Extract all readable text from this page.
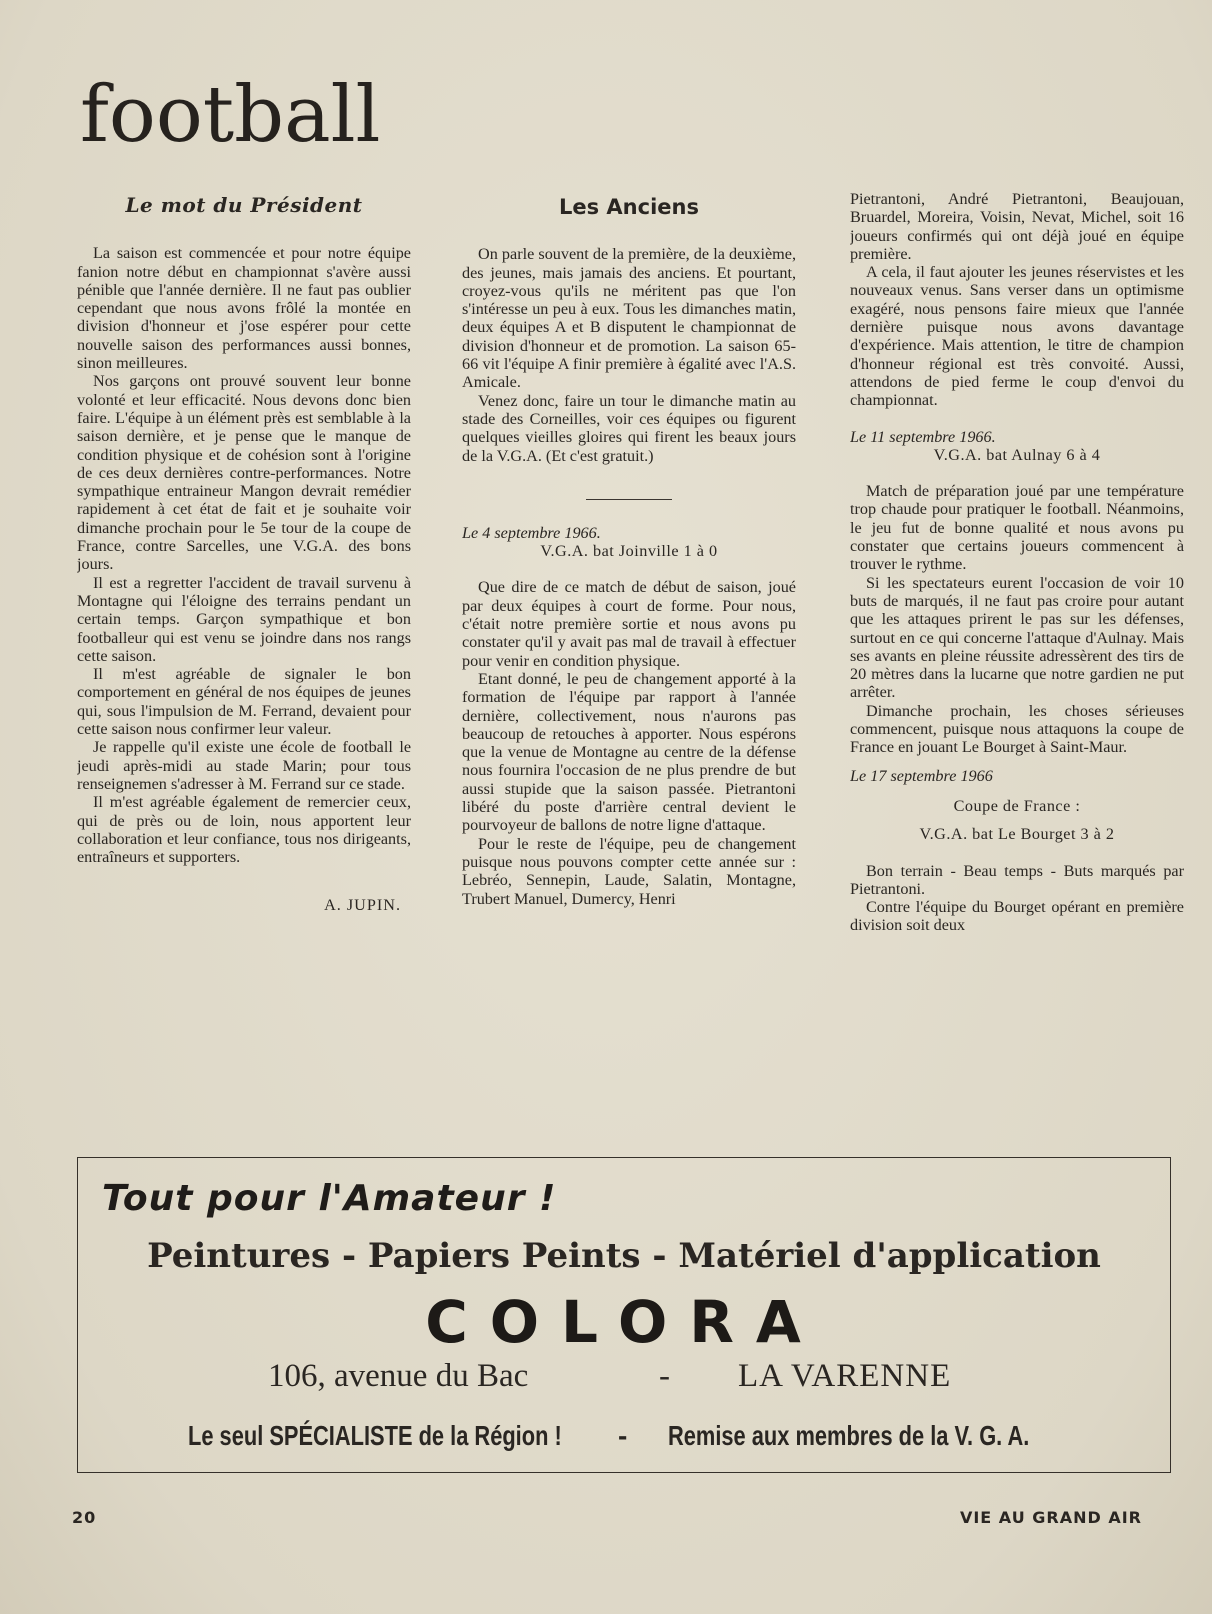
football
Le mot du Président

La saison est commencée et pour notre équipe fanion notre début en championnat s'avère aussi pénible que l'année dernière. Il ne faut pas oublier cependant que nous avons frôlé la montée en division d'honneur et j'ose espérer pour cette nouvelle saison des performances aussi bonnes, sinon meilleures.

Nos garçons ont prouvé souvent leur bonne volonté et leur efficacité. Nous devons donc bien faire. L'équipe à un élément près est semblable à la saison dernière, et je pense que le manque de condition physique et de cohésion sont à l'origine de ces deux dernières contre-performances. Notre sympathique entraineur Mangon devrait remédier rapidement à cet état de fait et je souhaite voir dimanche prochain pour le 5e tour de la coupe de France, contre Sarcelles, une V.G.A. des bons jours.

Il est a regretter l'accident de travail survenu à Montagne qui l'éloigne des terrains pendant un certain temps. Garçon sympathique et bon footballeur qui est venu se joindre dans nos rangs cette saison.

Il m'est agréable de signaler le bon comportement en général de nos équipes de jeunes qui, sous l'impulsion de M. Ferrand, devaient pour cette saison nous confirmer leur valeur.

Je rappelle qu'il existe une école de football le jeudi après-midi au stade Marin; pour tous renseignemen s'adresser à M. Ferrand sur ce stade.

Il m'est agréable également de remercier ceux, qui de près ou de loin, nous apportent leur collaboration et leur confiance, tous nos dirigeants, entraîneurs et supporters.

A. JUPIN.
Les Anciens

On parle souvent de la première, de la deuxième, des jeunes, mais jamais des anciens. Et pourtant, croyez-vous qu'ils ne méritent pas que l'on s'intéresse un peu à eux. Tous les dimanches matin, deux équipes A et B disputent le championnat de division d'honneur et de promotion. La saison 65-66 vit l'équipe A finir première à égalité avec l'A.S. Amicale.

Venez donc, faire un tour le dimanche matin au stade des Corneilles, voir ces équipes ou figurent quelques vieilles gloires qui firent les beaux jours de la V.G.A. (Et c'est gratuit.)

Le 4 septembre 1966.

V.G.A. bat Joinville 1 à 0

Que dire de ce match de début de saison, joué par deux équipes à court de forme. Pour nous, c'était notre première sortie et nous avons pu constater qu'il y avait pas mal de travail à effectuer pour venir en condition physique.

Etant donné, le peu de changement apporté à la formation de l'équipe par rapport à l'année dernière, collectivement, nous n'aurons pas beaucoup de retouches à apporter. Nous espérons que la venue de Montagne au centre de la défense nous fournira l'occasion de ne plus prendre de but aussi stupide que la saison passée. Pietrantoni libéré du poste d'arrière central devient le pourvoyeur de ballons de notre ligne d'attaque.

Pour le reste de l'équipe, peu de changement puisque nous pouvons compter cette année sur : Lebréo, Sennepin, Laude, Salatin, Montagne, Trubert Manuel, Dumercy, Henri

Pietrantoni, André Pietrantoni, Beaujouan, Bruardel, Moreira, Voisin, Nevat, Michel, soit 16 joueurs confirmés qui ont déjà joué en équipe première.

A cela, il faut ajouter les jeunes réservistes et les nouveaux venus. Sans verser dans un optimisme exagéré, nous pensons faire mieux que l'année dernière puisque nous avons davantage d'expérience. Mais attention, le titre de champion d'honneur régional est très convoité. Aussi, attendons de pied ferme le coup d'envoi du championnat.

Le 11 septembre 1966.

V.G.A. bat Aulnay 6 à 4

Match de préparation joué par une température trop chaude pour pratiquer le football. Néanmoins, le jeu fut de bonne qualité et nous avons pu constater que certains joueurs commencent à trouver le rythme.

Si les spectateurs eurent l'occasion de voir 10 buts de marqués, il ne faut pas croire pour autant que les attaques prirent le pas sur les défenses, surtout en ce qui concerne l'attaque d'Aulnay. Mais ses avants en pleine réussite adressèrent des tirs de 20 mètres dans la lucarne que notre gardien ne put arrêter.

Dimanche prochain, les choses sérieuses commencent, puisque nous attaquons la coupe de France en jouant Le Bourget à Saint-Maur.

Le 17 septembre 1966

Coupe de France :

V.G.A. bat Le Bourget 3 à 2

Bon terrain - Beau temps - Buts marqués par Pietrantoni.

Contre l'équipe du Bourget opérant en première division soit deux

Tout pour l'Amateur !
Peintures - Papiers Peints - Matériel d'application
COLORA
106, avenue du Bac	- LA VARENNE
Le seul SPÉCIALISTE de la Région ! - Remise aux membres de la V. G. A.
20	VIE AU GRAND AIR
